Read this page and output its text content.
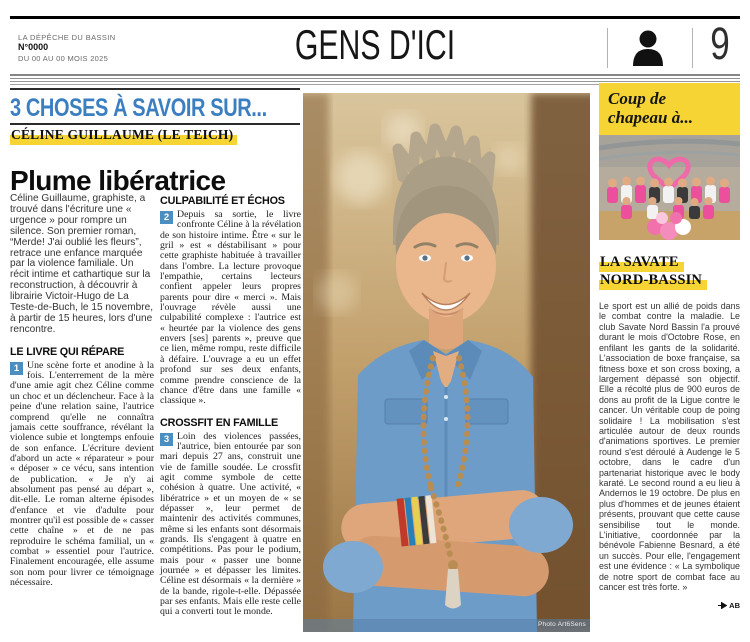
LA DÉPÊCHE DU BASSIN
N°0000
DU 00 AU 00 MOIS 2025	GENS D'ICI	9
3 CHOSES À SAVOIR SUR...
CÉLINE GUILLAUME (LE TEICH)
Plume libératrice

Céline Guillaume, graphiste, a trouvé dans l'écriture une « urgence » pour rompre un silence. Son premier roman, “Merde! J'ai oublié les fleurs”, retrace une enfance marquée par la violence familiale. Un récit intime et cathartique sur la reconstruction, à découvrir à librairie Victoir-Hugo de La Teste-de-Buch, le 15 novembre, à partir de 15 heures, lors d'une rencontre.

LE LIVRE QUI RÉPARE

1 Une scène forte et anodine à la fois. L'enterrement de la mère d'une amie agit chez Céline comme un choc et un déclencheur. Face à la peine d'une relation saine, l'autrice comprend qu'elle ne connaîtra jamais cette souffrance, révélant la violence subie et longtemps enfouie de son enfance. L'écriture devient d'abord un acte « réparateur » pour « déposer » ce vécu, sans intention de publication. « Je n'y ai absolument pas pensé au départ », dit-elle. Le roman alterne épisodes d'enfance et vie d'adulte pour montrer qu'il est possible de « casser cette chaîne » et de ne pas reproduire le schéma familial, un « combat » essentiel pour l'autrice. Finalement encouragée, elle assume son nom pour livrer ce témoignage nécessaire.

CULPABILITÉ ET ÉCHOS

2 Depuis sa sortie, le livre confronte Céline à la révélation de son histoire intime. Être « sur le gril » est « déstabilisant » pour cette graphiste habituée à travailler dans l'ombre. La lecture provoque l'empathie, certains lecteurs confient appeler leurs propres parents pour dire « merci ». Mais l'ouvrage révèle aussi une culpabilité complexe : l'autrice est « heurtée par la violence des gens envers [ses] parents », preuve que ce lien, même rompu, reste difficile à défaire. L'ouvrage a eu un effet profond sur ses deux enfants, comme prendre conscience de la chance d'être dans une famille « classique ».

CROSSFIT EN FAMILLE

3 Loin des violences passées, l'autrice, bien entourée par son mari depuis 27 ans, construit une vie de famille soudée. Le crossfit agit comme symbole de cette cohésion à quatre. Une activité, « libératrice » et un moyen de « se dépasser », leur permet de maintenir des activités communes, même si les enfants sont désormais grands. Ils s'engagent à quatre en compétitions. Pas pour le podium, mais pour « passer une bonne journée » et dépasser les limites. Céline est désormais « la dernière » de la bande, rigole-t-elle. Dépassée par ses enfants. Mais elle reste celle qui a converti tout le monde.

Photo Art6Sens
Coup de
chapeau à...
LA SAVATE
NORD-BASSIN

Le sport est un allié de poids dans le combat contre la maladie. Le club Savate Nord Bassin l'a prouvé durant le mois d'Octobre Rose, en enfilant les gants de la solidarité. L'association de boxe française, sa fitness boxe et son cross boxing, a largement dépassé son objectif. Elle a récolté plus de 900 euros de dons au profit de la Ligue contre le cancer. Un véritable coup de poing solidaire ! La mobilisation s'est articulée autour de deux rounds d'animations sportives. Le premier round s'est déroulé à Audenge le 5 octobre, dans le cadre d'un partenariat historique avec le body karaté. Le second round a eu lieu à Andernos le 19 octobre. De plus en plus d'hommes et de jeunes étaient présents, prouvant que cette cause sensibilise tout le monde. L'initiative, coordonnée par la bénévole Fabienne Besnard, a été un succès. Pour elle, l'engagement est une évidence : « La symbolique de notre sport de combat face au cancer est très forte. »

AB
